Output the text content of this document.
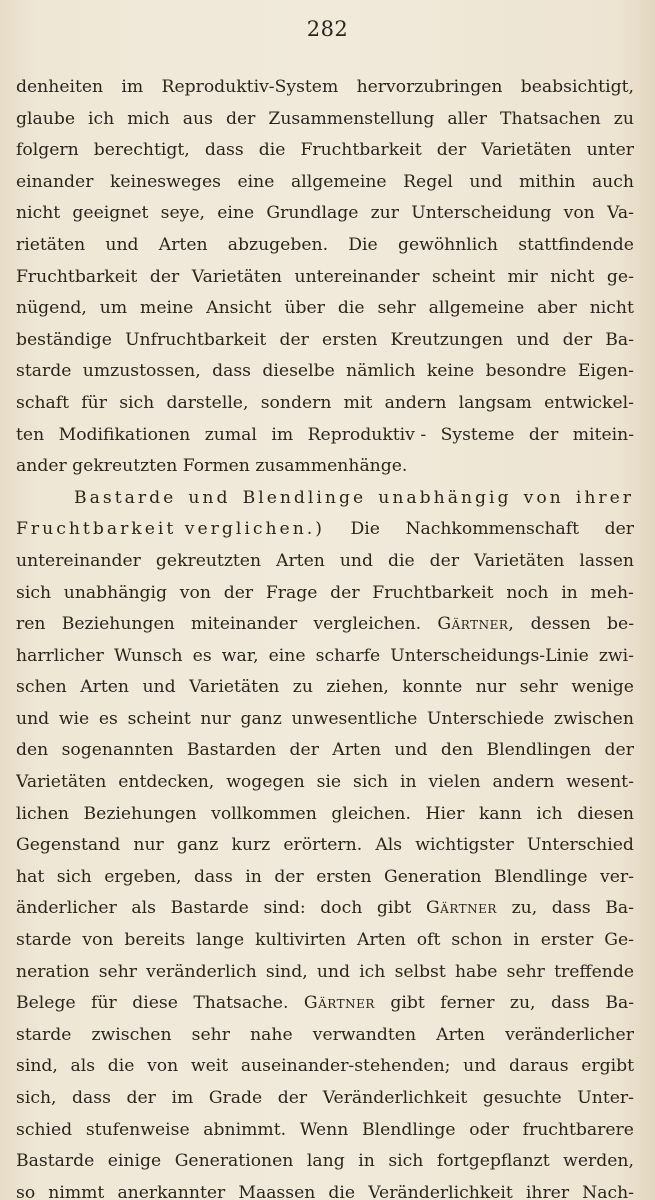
282
denheiten im Reproduktiv-System hervorzubringen beabsichtigt,
glaube ich mich aus der Zusammenstellung aller Thatsachen zu
folgern berechtigt, dass die Fruchtbarkeit der Varietäten unter
einander keinesweges eine allgemeine Regel und mithin auch
nicht geeignet seye, eine Grundlage zur Unterscheidung von Va-
rietäten und Arten abzugeben. Die gewöhnlich stattfindende
Fruchtbarkeit der Varietäten untereinander scheint mir nicht ge-
nügend, um meine Ansicht über die sehr allgemeine aber nicht
beständige Unfruchtbarkeit der ersten Kreutzungen und der Ba-
starde umzustossen, dass dieselbe nämlich keine besondre Eigen-
schaft für sich darstelle, sondern mit andern langsam entwickel-
ten Modifikationen zumal im Reproduktiv - Systeme der mitein-
ander gekreutzten Formen zusammenhänge.
Bastarde und Blendlinge unabhängig von ihrer
Fruchtbarkeit verglichen.) Die Nachkommenschaft der
untereinander gekreutzten Arten und die der Varietäten lassen
sich unabhängig von der Frage der Fruchtbarkeit noch in meh-
ren Beziehungen miteinander vergleichen. Gärtner, dessen be-
harrlicher Wunsch es war, eine scharfe Unterscheidungs-Linie zwi-
schen Arten und Varietäten zu ziehen, konnte nur sehr wenige
und wie es scheint nur ganz unwesentliche Unterschiede zwischen
den sogenannten Bastarden der Arten und den Blendlingen der
Varietäten entdecken, wogegen sie sich in vielen andern wesent-
lichen Beziehungen vollkommen gleichen. Hier kann ich diesen
Gegenstand nur ganz kurz erörtern. Als wichtigster Unterschied
hat sich ergeben, dass in der ersten Generation Blendlinge ver-
änderlicher als Bastarde sind: doch gibt Gärtner zu, dass Ba-
starde von bereits lange kultivirten Arten oft schon in erster Ge-
neration sehr veränderlich sind, und ich selbst habe sehr treffende
Belege für diese Thatsache. Gärtner gibt ferner zu, dass Ba-
starde zwischen sehr nahe verwandten Arten veränderlicher
sind, als die von weit auseinander-stehenden; und daraus ergibt
sich, dass der im Grade der Veränderlichkeit gesuchte Unter-
schied stufenweise abnimmt. Wenn Blendlinge oder fruchtbarere
Bastarde einige Generationen lang in sich fortgepflanzt werden,
so nimmt anerkannter Maassen die Veränderlichkeit ihrer Nach-
